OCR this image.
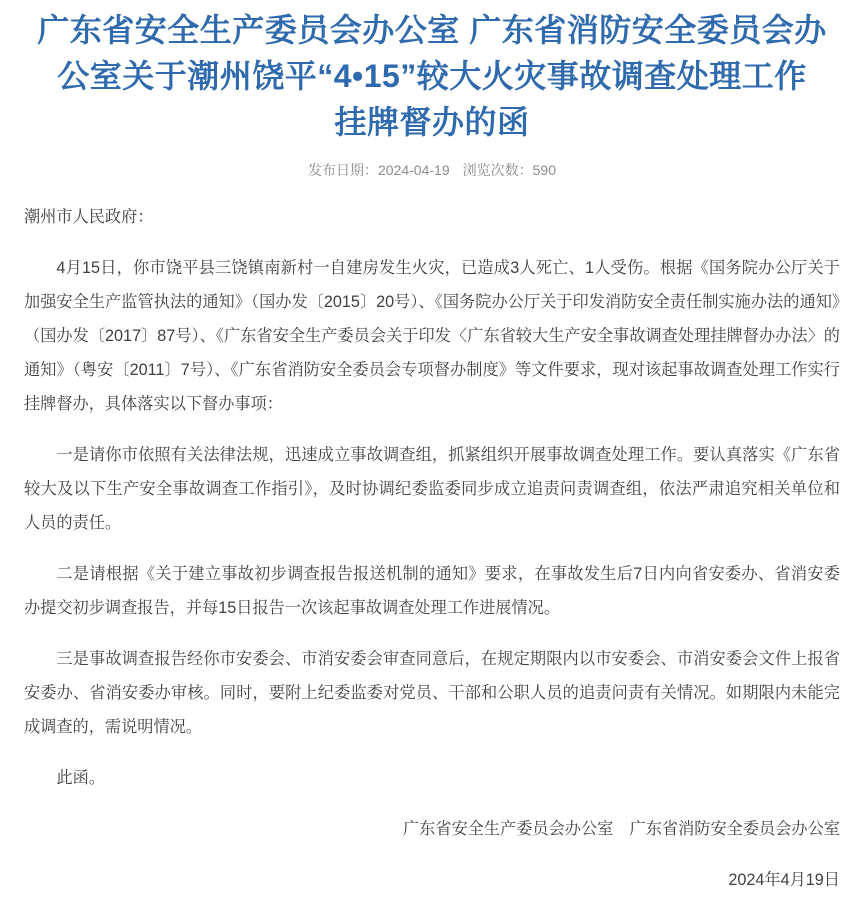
广东省安全生产委员会办公室 广东省消防安全委员会办
公室关于潮州饶平“4•15”较大火灾事故调查处理工作
挂牌督办的函
发布日期：2024-04-19 浏览次数：590

潮州市人民政府：

4月15日，你市饶平县三饶镇南新村一自建房发生火灾，已造成3人死亡、1人受伤。根据《国务院办公厅关于加强安全生产监管执法的通知》（国办发〔2015〕20号）、《国务院办公厅关于印发消防安全责任制实施办法的通知》（国办发〔2017〕87号）、《广东省安全生产委员会关于印发〈广东省较大生产安全事故调查处理挂牌督办办法〉的通知》（粤安〔2011〕7号）、《广东省消防安全委员会专项督办制度》等文件要求，现对该起事故调查处理工作实行挂牌督办，具体落实以下督办事项：

一是请你市依照有关法律法规，迅速成立事故调查组，抓紧组织开展事故调查处理工作。要认真落实《广东省较大及以下生产安全事故调查工作指引》，及时协调纪委监委同步成立追责问责调查组，依法严肃追究相关单位和人员的责任。

二是请根据《关于建立事故初步调查报告报送机制的通知》要求，在事故发生后7日内向省安委办、省消安委办提交初步调查报告，并每15日报告一次该起事故调查处理工作进展情况。

三是事故调查报告经你市安委会、市消安委会审查同意后，在规定期限内以市安委会、市消安委会文件上报省安委办、省消安委办审核。同时，要附上纪委监委对党员、干部和公职人员的追责问责有关情况。如期限内未能完成调查的，需说明情况。

此函。

广东省安全生产委员会办公室　广东省消防安全委员会办公室

2024年4月19日
